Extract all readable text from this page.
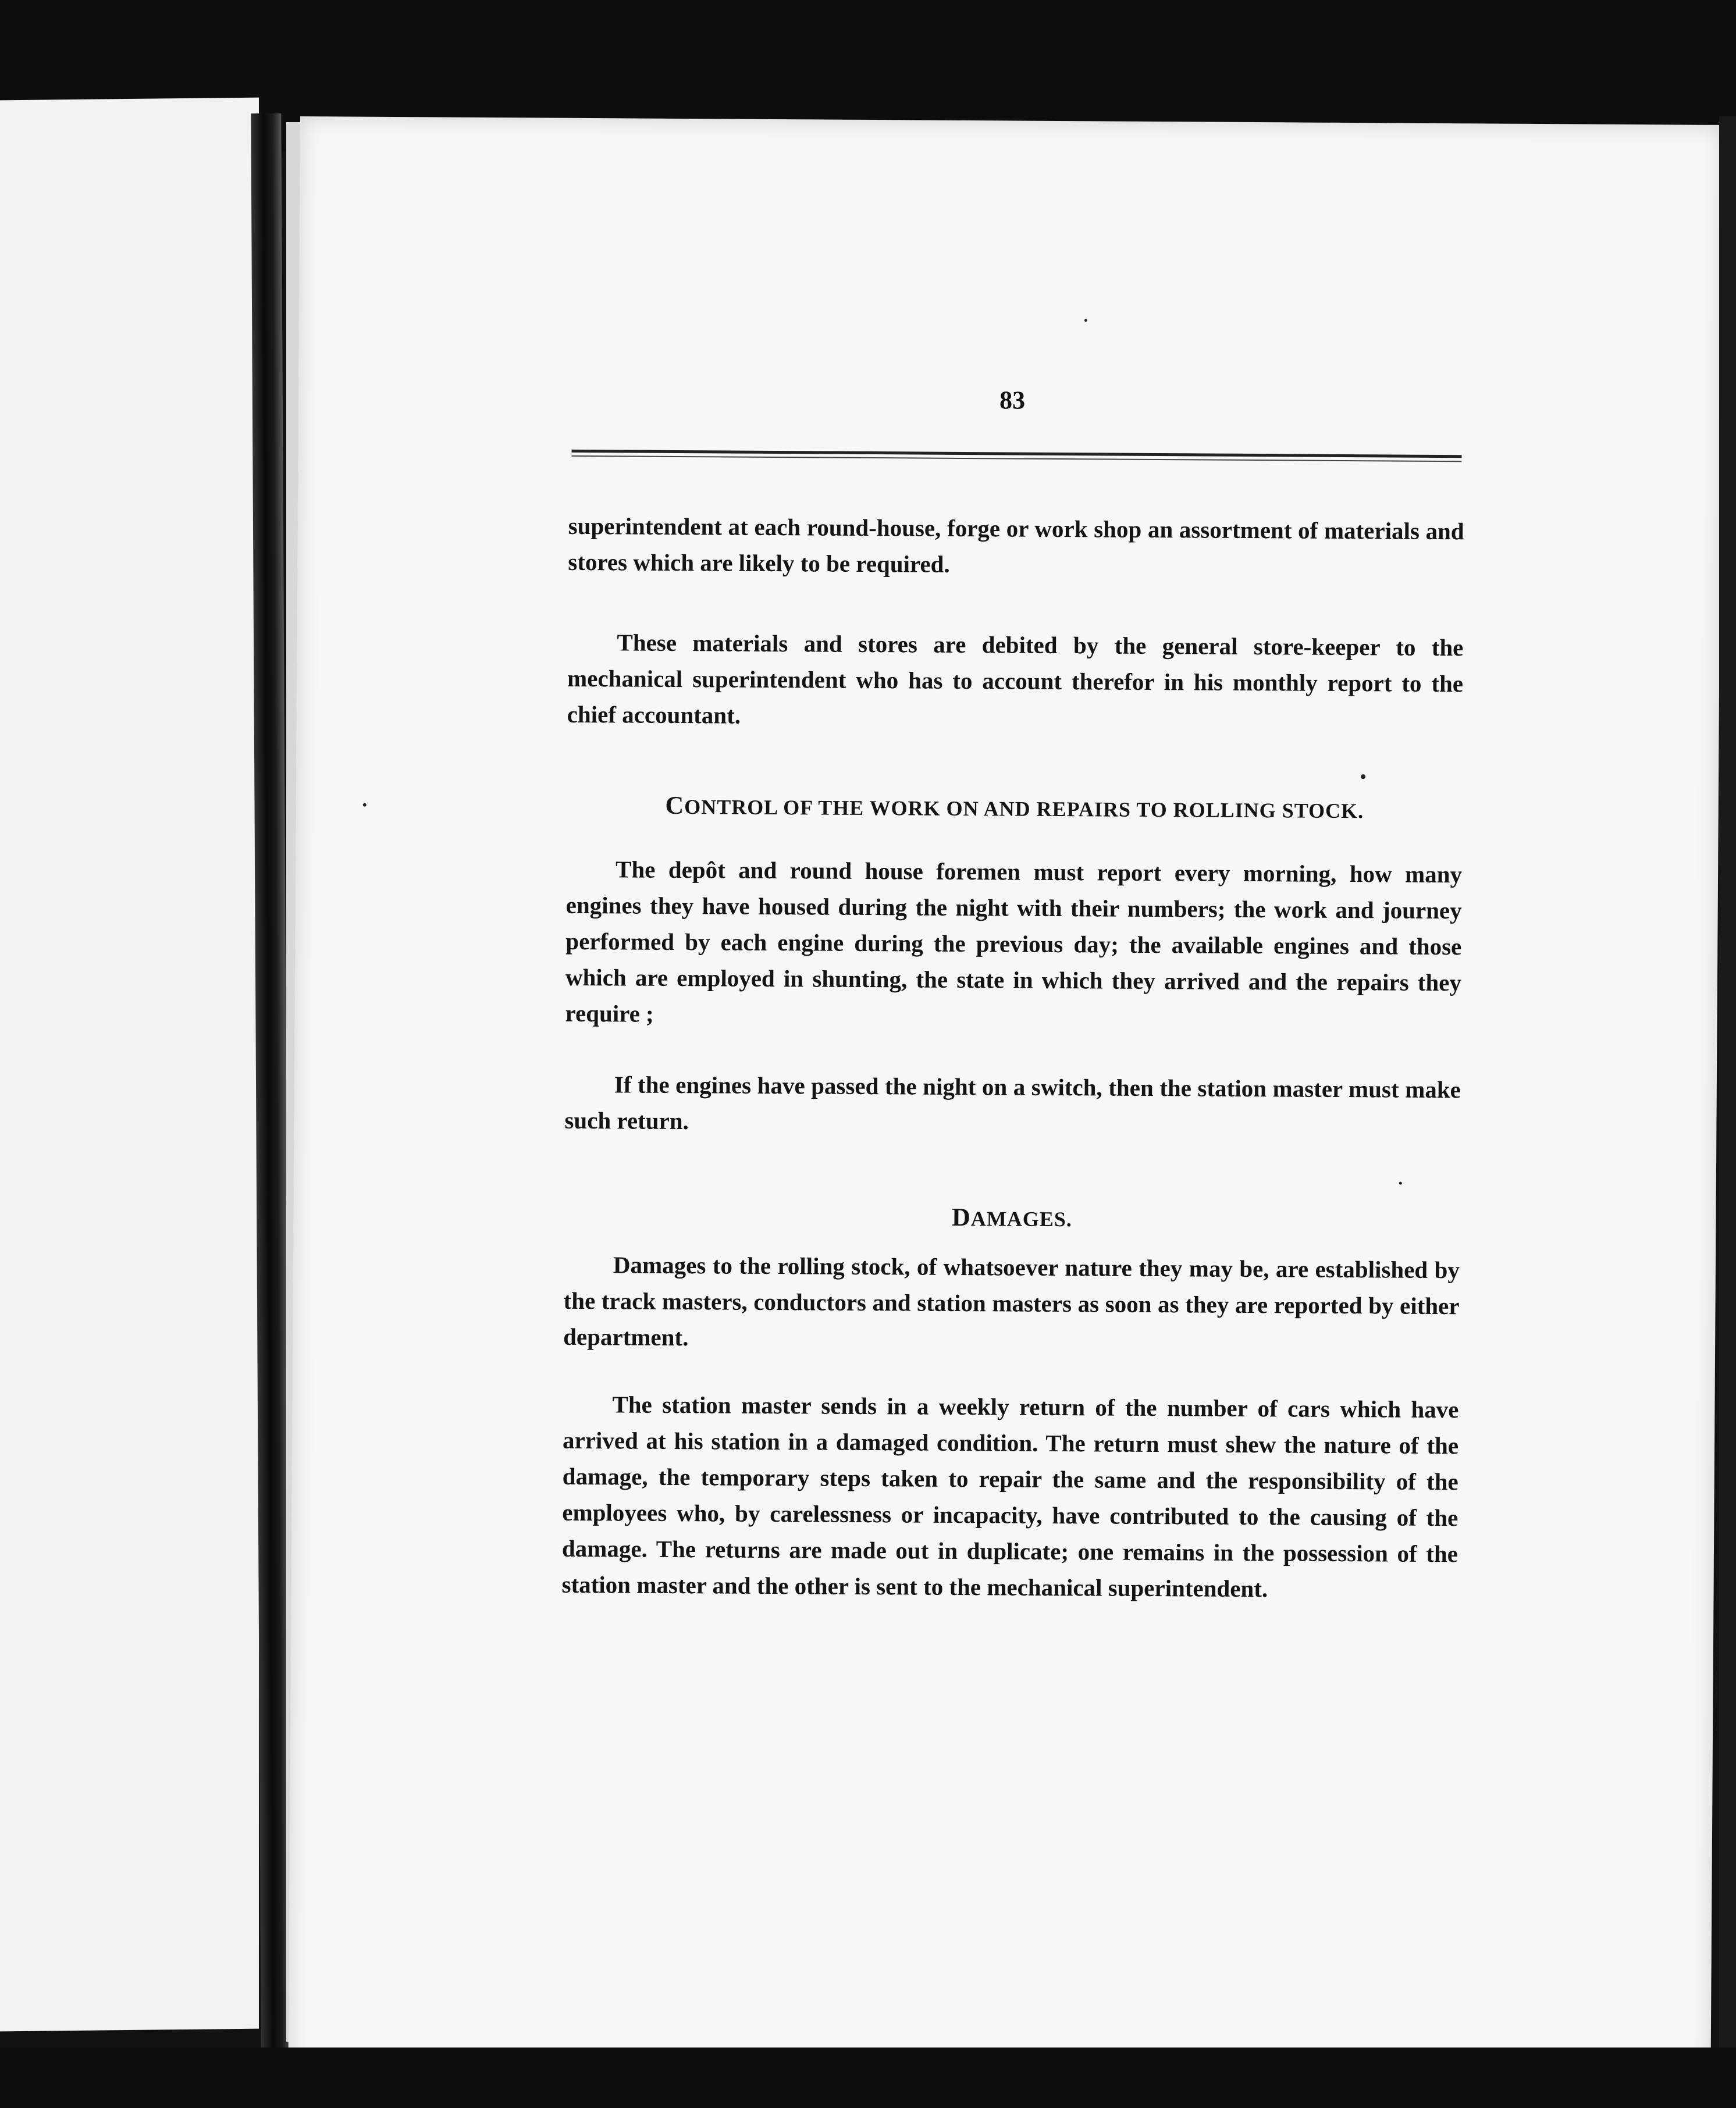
83

superintendent at each round-house, forge or work shop an assortment of materials and stores which are likely to be required.

These materials and stores are debited by the general store-keeper to the mechanical superintendent who has to account therefor in his monthly report to the chief accountant.

CONTROL OF THE WORK ON AND REPAIRS TO ROLLING STOCK.

The depôt and round house foremen must report every morning, how many engines they have housed during the night with their numbers; the work and journey performed by each engine during the previous day; the available engines and those which are employed in shunting, the state in which they arrived and the repairs they require ;

If the engines have passed the night on a switch, then the station master must make such return.

DAMAGES.

Damages to the rolling stock, of whatsoever nature they may be, are established by the track masters, conductors and station masters as soon as they are reported by either department.

The station master sends in a weekly return of the number of cars which have arrived at his station in a damaged condition. The return must shew the nature of the damage, the temporary steps taken to repair the same and the responsibility of the employees who, by carelessness or incapacity, have contributed to the causing of the damage. The returns are made out in duplicate; one remains in the possession of the station master and the other is sent to the mechanical superintendent.
